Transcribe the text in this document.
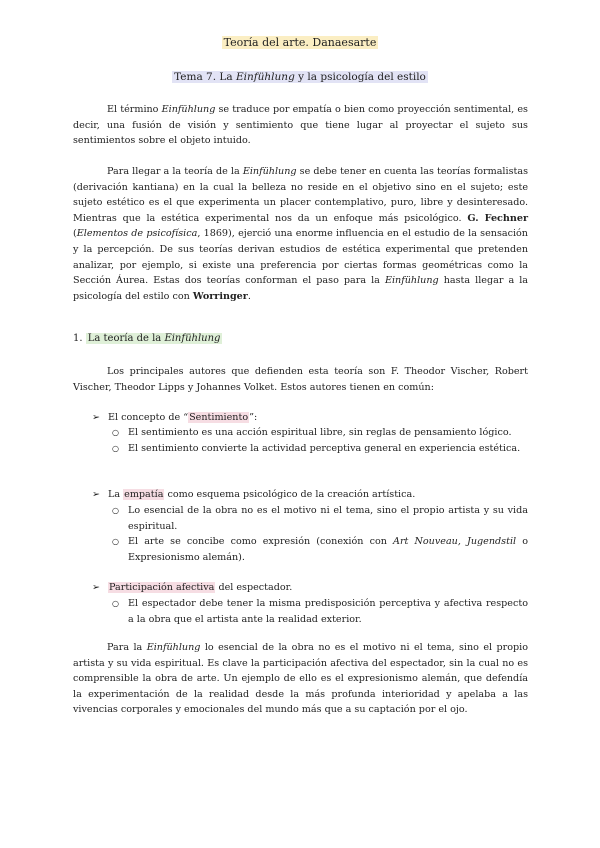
Teoría del arte. Danaesarte
Tema 7. La Einfühlung y la psicología del estilo

El término Einfühlung se traduce por empatía o bien como proyección sentimental, es decir, una fusión de visión y sentimiento que tiene lugar al proyectar el sujeto sus sentimientos sobre el objeto intuido.

Para llegar a la teoría de la Einfühlung se debe tener en cuenta las teorías formalistas (derivación kantiana) en la cual la belleza no reside en el objetivo sino en el sujeto; este sujeto estético es el que experimenta un placer contemplativo, puro, libre y desinteresado. Mientras que la estética experimental nos da un enfoque más psicológico. G. Fechner (Elementos de psicofísica, 1869), ejerció una enorme influencia en el estudio de la sensación y la percepción. De sus teorías derivan estudios de estética experimental que pretenden analizar, por ejemplo, si existe una preferencia por ciertas formas geométricas como la Sección Áurea. Estas dos teorías conforman el paso para la Einfühlung hasta llegar a la psicología del estilo con Worringer.

1. La teoría de la Einfühlung

Los principales autores que defienden esta teoría son F. Theodor Vischer, Robert Vischer, Theodor Lipps y Johannes Volket. Estos autores tienen en común:

➢ El concepto de “Sentimiento”:
○ El sentimiento es una acción espiritual libre, sin reglas de pensamiento lógico.
○ El sentimiento convierte la actividad perceptiva general en experiencia estética.
➢ La empatía como esquema psicológico de la creación artística.
○ Lo esencial de la obra no es el motivo ni el tema, sino el propio artista y su vida espiritual.
○ El arte se concibe como expresión (conexión con Art Nouveau, Jugendstil o Expresionismo alemán).
➢ Participación afectiva del espectador.
○ El espectador debe tener la misma predisposición perceptiva y afectiva respecto a la obra que el artista ante la realidad exterior.

Para la Einfühlung lo esencial de la obra no es el motivo ni el tema, sino el propio artista y su vida espiritual. Es clave la participación afectiva del espectador, sin la cual no es comprensible la obra de arte. Un ejemplo de ello es el expresionismo alemán, que defendía la experimentación de la realidad desde la más profunda interioridad y apelaba a las vivencias corporales y emocionales del mundo más que a su captación por el ojo.
